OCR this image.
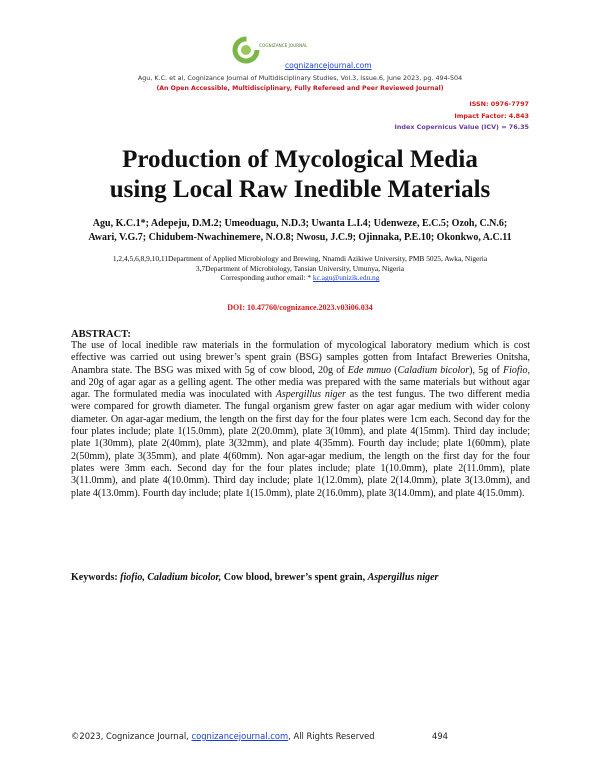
COGNIZANCE JOURNAL
cognizancejournal.com
Agu, K.C. et al, Cognizance Journal of Multidisciplinary Studies, Vol.3, Issue.6, June 2023, pg. 494-504
(An Open Accessible, Multidisciplinary, Fully Refereed and Peer Reviewed Journal)
ISSN: 0976-7797
Impact Factor: 4.843
Index Copernicus Value (ICV) = 76.35
Production of Mycological Media
using Local Raw Inedible Materials
Agu, K.C.1*; Adepeju, D.M.2; Umeoduagu, N.D.3; Uwanta L.I.4; Udenweze, E.C.5; Ozoh, C.N.6;
Awari, V.G.7; Chidubem-Nwachinemere, N.O.8; Nwosu, J.C.9; Ojinnaka, P.E.10; Okonkwo, A.C.11
1,2,4,5,6,8,9,10,11Department of Applied Microbiology and Brewing, Nnamdi Azikiwe University, PMB 5025, Awka, Nigeria
3,7Department of Microbiology, Tansian University, Umunya, Nigeria
Corresponding author email: * kc.agu@unizik.edu.ng
DOI: 10.47760/cognizance.2023.v03i06.034
ABSTRACT:
The use of local inedible raw materials in the formulation of mycological laboratory medium which is cost effective was carried out using brewer’s spent grain (BSG) samples gotten from Intafact Breweries Onitsha, Anambra state. The BSG was mixed with 5g of cow blood, 20g of Ede mmuo (Caladium bicolor), 5g of Fiofio, and 20g of agar agar as a gelling agent. The other media was prepared with the same materials but without agar agar. The formulated media was inoculated with Aspergillus niger as the test fungus. The two different media were compared for growth diameter. The fungal organism grew faster on agar agar medium with wider colony diameter. On agar-agar medium, the length on the first day for the four plates were 1cm each. Second day for the four plates include; plate 1(15.0mm), plate 2(20.0mm), plate 3(10mm), and plate 4(15mm). Third day include; plate 1(30mm), plate 2(40mm), plate 3(32mm), and plate 4(35mm). Fourth day include; plate 1(60mm), plate 2(50mm), plate 3(35mm), and plate 4(60mm). Non agar-agar medium, the length on the first day for the four plates were 3mm each. Second day for the four plates include; plate 1(10.0mm), plate 2(11.0mm), plate 3(11.0mm), and plate 4(10.0mm). Third day include; plate 1(12.0mm), plate 2(14.0mm), plate 3(13.0mm), and plate 4(13.0mm). Fourth day include; plate 1(15.0mm), plate 2(16.0mm), plate 3(14.0mm), and plate 4(15.0mm).
Keywords: fiofio, Caladium bicolor, Cow blood, brewer’s spent grain, Aspergillus niger
©2023, Cognizance Journal, cognizancejournal.com, All Rights Reserved	494
